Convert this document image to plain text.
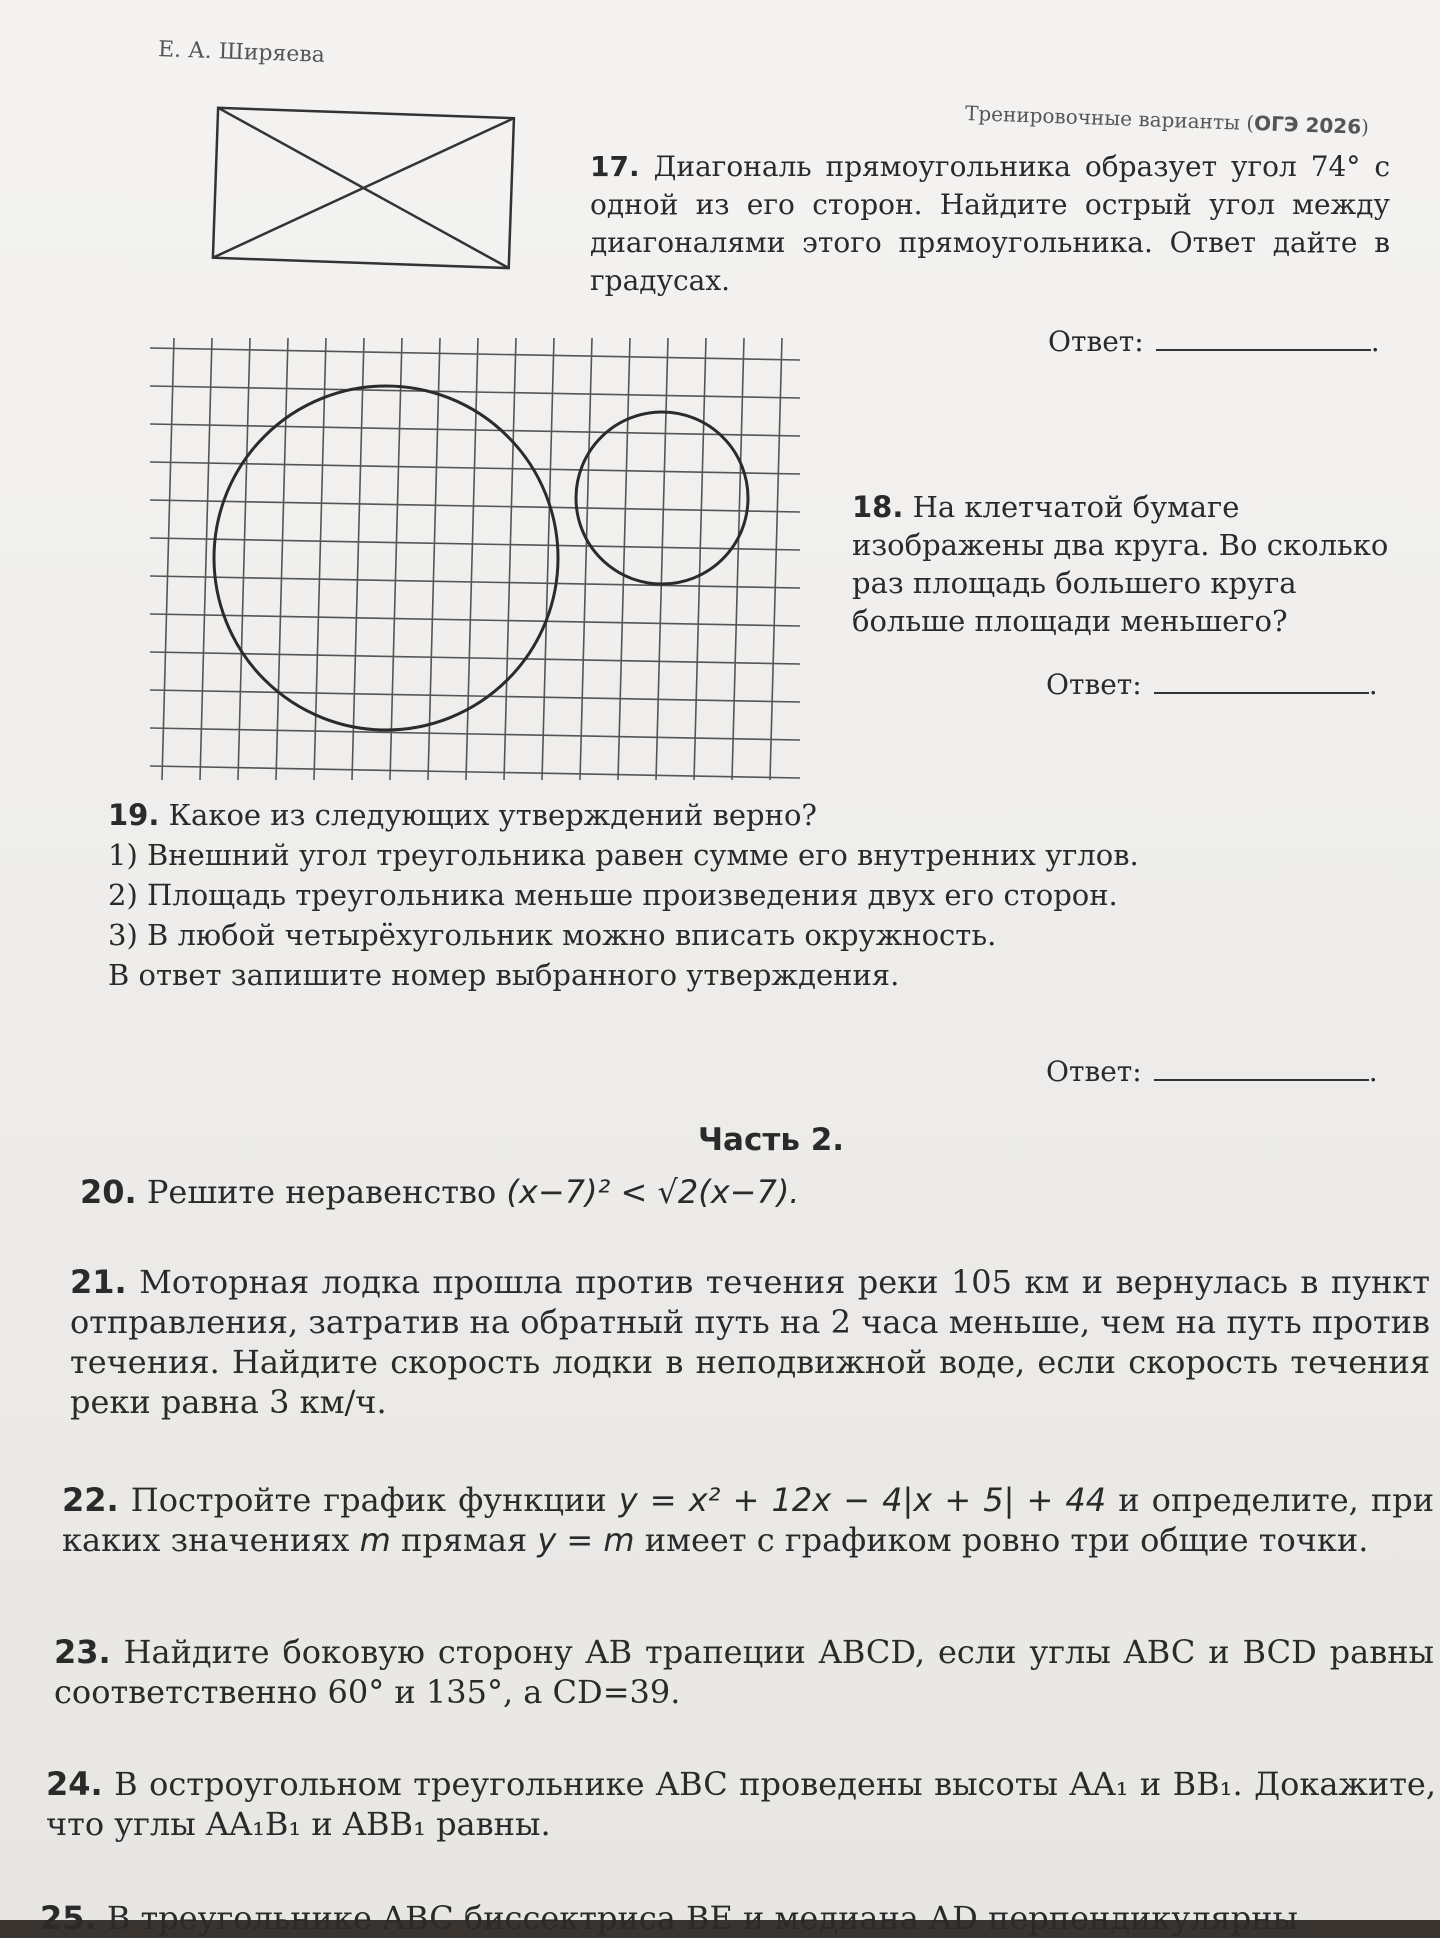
Е. А. Ширяева
Тренировочные варианты (ОГЭ 2026)
17. Диагональ прямоугольника образует угол 74° с одной из его сторон. Найдите острый угол между диагоналями этого прямоугольника. Ответ дайте в градусах.
Ответ:	.
18. На клетчатой бумаге изображены два круга. Во сколько раз площадь большего круга больше площади меньшего?
Ответ:	.
19. Какое из следующих утверждений верно?
1) Внешний угол треугольника равен сумме его внутренних углов.
2) Площадь треугольника меньше произведения двух его сторон.
3) В любой четырёхугольник можно вписать окружность.
В ответ запишите номер выбранного утверждения.
Ответ:	.
Часть 2.
20. Решите неравенство (x−7)² < √2(x−7).
21. Моторная лодка прошла против течения реки 105 км и вернулась в пункт отправления, затратив на обратный путь на 2 часа меньше, чем на путь против течения. Найдите скорость лодки в неподвижной воде, если скорость течения реки равна 3 км/ч.
22. Постройте график функции y = x² + 12x − 4|x + 5| + 44 и определите, при каких значениях m прямая y = m имеет с графиком ровно три общие точки.
23. Найдите боковую сторону AB трапеции ABCD, если углы ABC и BCD равны соответственно 60° и 135°, а CD=39.
24. В остроугольном треугольнике ABC проведены высоты AA₁ и BB₁. Докажите, что углы AA₁B₁ и ABB₁ равны.
25. В треугольнике ABC биссектриса BE и медиана AD перпендикулярны
